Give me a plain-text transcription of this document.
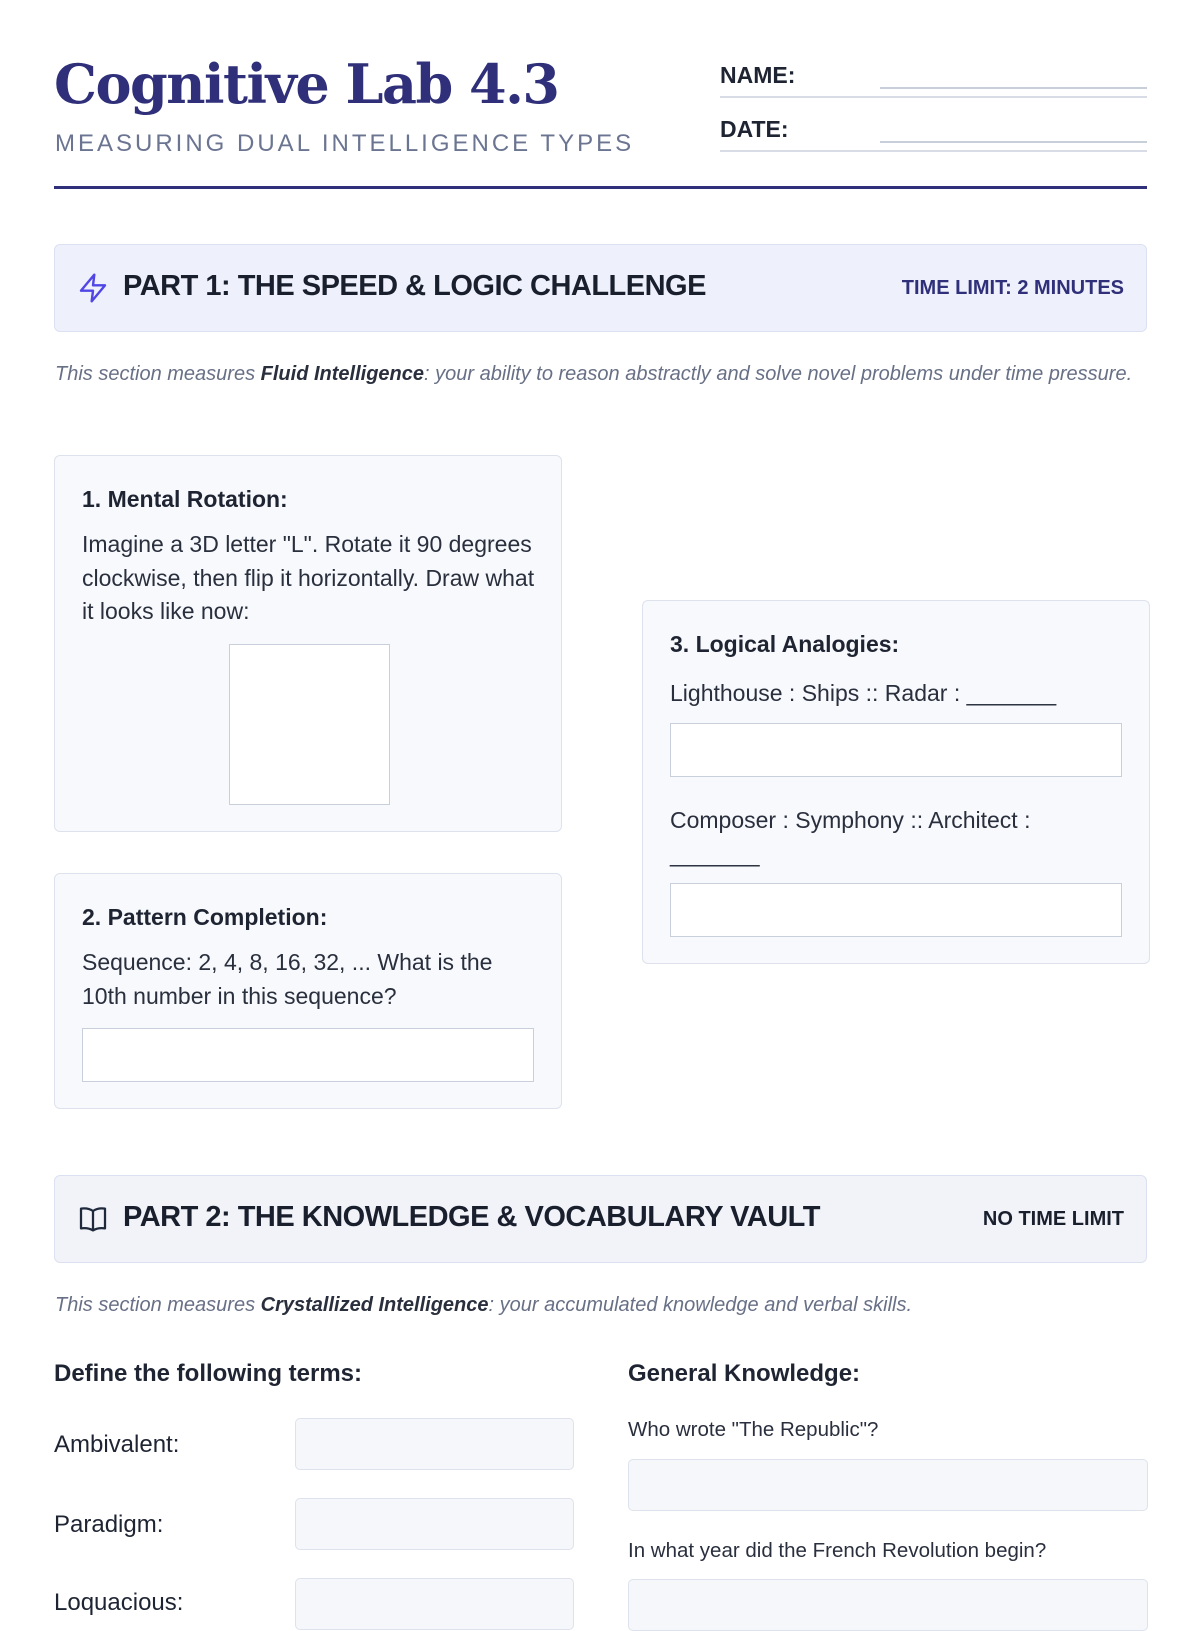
Cognitive Lab 4.3
MEASURING DUAL INTELLIGENCE TYPES
NAME:
DATE:
PART 1: THE SPEED & LOGIC CHALLENGE	TIME LIMIT: 2 MINUTES

This section measures Fluid Intelligence: your ability to reason abstractly and solve novel problems under time pressure.

1. Mental Rotation:

Imagine a 3D letter "L". Rotate it 90 degrees clockwise, then flip it horizontally. Draw what it looks like now:

2. Pattern Completion:

Sequence: 2, 4, 8, 16, 32, ... What is the 10th number in this sequence?

3. Logical Analogies:

Lighthouse : Ships :: Radar : _______

Composer : Symphony :: Architect : _______

PART 2: THE KNOWLEDGE & VOCABULARY VAULT	NO TIME LIMIT

This section measures Crystallized Intelligence: your accumulated knowledge and verbal skills.

Define the following terms:
Ambivalent:
Paradigm:
Loquacious:
General Knowledge:
Who wrote "The Republic"?
In what year did the French Revolution begin?
